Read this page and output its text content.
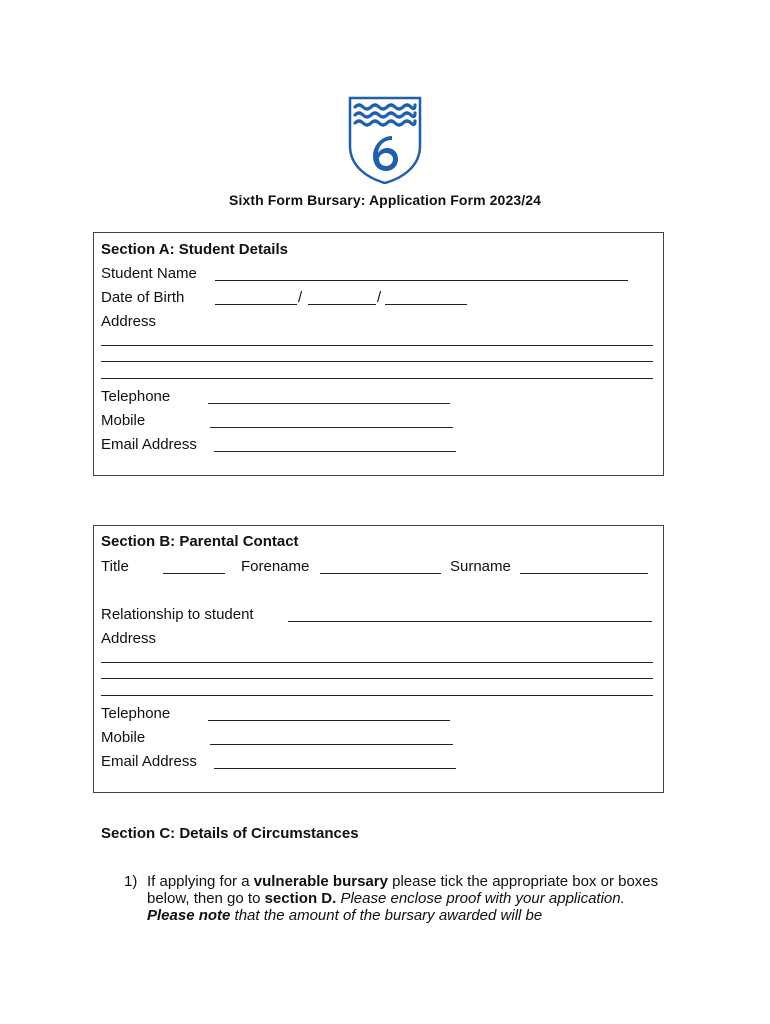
Sixth Form Bursary: Application Form 2023/24
Section A: Student Details
Student Name
Date of Birth	/	/
Address
Telephone
Mobile
Email Address
Section B: Parental Contact
Title	Forename	Surname
Relationship to student
Address
Telephone
Mobile
Email Address
Section C: Details of Circumstances
1) If applying for a vulnerable bursary please tick the appropriate box or boxes below, then go to section D. Please enclose proof with your application. Please note that the amount of the bursary awarded will be
